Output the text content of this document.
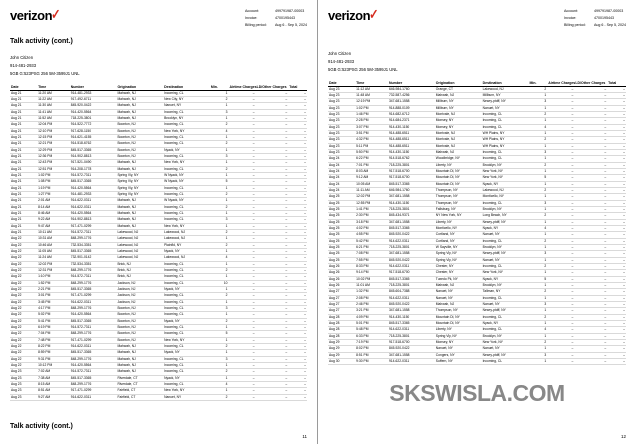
verizon
✓	Account:	499791987-00003
Invoice:	4700195443
Billing period: Aug 6 - Sep 5, 2024
Talk activity (cont.)
John Citizen
914-481-2933
5GB G:523PSG 256 5M-3599J1 UNL
Date	Time	Number	Origination	Destination	Min.	Airtime Charges	LD/Other Charges	Total
Aug 21	11:20 AM	914-481-2933	Mahwah, NJ	Incoming, CL	1	–	–	–
Aug 21	11:22 AM	917-492-6711	Mahwah, NJ	New City, NY	2	–	–	–
Aug 21	11:30 AM	845-920-0422	Mahwah, NJ	Nanuet, NY	1	–	–	–
Aug 21	11:41 AM	914-420-5564	Mahwah, NJ	Incoming, CL	3	–	–	–
Aug 21	11:52 AM	718-225-3801	Mahwah, NJ	Brooklyn, NY	1	–	–	–
Aug 21	12:04 PM	914-522-7772	Boonton, NJ	Incoming, CL	2	–	–	–
Aug 21	12:10 PM	917-628-1150	Boonton, NJ	New York, NY	4	–	–	–
Aug 21	12:15 PM	914-621-4155	Boonton, NJ	Incoming, CL	1	–	–	–
Aug 21	12:21 PM	914-518-6762	Boonton, NJ	Incoming, CL	2	–	–	–
Aug 21	12:29 PM	845-517-3365	Boonton, NJ	Nyack, NY	1	–	–	–
Aug 21	12:36 PM	914-902-8813	Boonton, NJ	Incoming, CL	3	–	–	–
Aug 21	12:43 PM	917-521-0490	Mahwah, NJ	New York, NY	1	–	–	–
Aug 21	12:51 PM	914-208-1778	Mahwah, NJ	Incoming, CL	2	–	–	–
Aug 21	1:02 PM	914-572-7311	Spring Vly, NY	W Nyack, NY	1	–	–	–
Aug 21	1:08 PM	845-517-3365	Spring Vly, NY	W Nyack, NY	5	–	–	–
Aug 21	1:19 PM	914-420-5564	Spring Vly, NY	Incoming, CL	1	–	–	–
Aug 21	1:27 PM	914-481-2933	Spring Vly, NY	Incoming, CL	2	–	–	–
Aug 21	2:01 AM	914-622-0311	Mahwah, NJ	W Nyack, NY	1	–	–	–
Aug 21	8:14 AM	914-622-0311	Mahwah, NJ	Incoming, CL	2	–	–	–
Aug 21	8:46 AM	914-420-5564	Mahwah, NJ	Incoming, CL	1	–	–	–
Aug 21	9:22 AM	914-902-8813	Mahwah, NJ	Incoming, CL	3	–	–	–
Aug 21	9:47 AM	917-471-0299	Mahwah, NJ	New York, NY	1	–	–	–
Aug 21	10:11 AM	914-572-7311	Lakewood, NJ	Lakewood, NJ	2	–	–	–
Aug 22	10:31 AM	848-299-1776	Lakewood, NJ	Lakewood, NJ	1	–	–	–
Aug 22	10:46 AM	732-534-3351	Lakewood, NJ	Plainfld, NY	2	–	–	–
Aug 22	11:05 AM	845-517-3365	Lakewood, NJ	Nyack, NY	1	–	–	–
Aug 22	11:24 AM	732-901-0142	Lakewood, NJ	Lakewood, NJ	4	–	–	–
Aug 22	12:02 PM	732-534-3351	Brick, NJ	Incoming, CL	1	–	–	–
Aug 22	12:31 PM	848-299-1776	Brick, NJ	Incoming, CL	2	–	–	–
Aug 22	1:10 PM	914-572-7311	Brick, NJ	Incoming, CL	1	–	–	–
Aug 22	1:52 PM	848-299-1776	Jackson, NJ	Incoming, CL	10	–	–	–
Aug 22	2:21 PM	845-517-3365	Jackson, NJ	Nyack, NY	1	–	–	–
Aug 22	3:01 PM	917-471-0299	Jackson, NJ	Incoming, CL	2	–	–	–
Aug 22	3:45 PM	914-622-0311	Jackson, NJ	Incoming, CL	1	–	–	–
Aug 22	4:17 PM	848-299-1776	Boonton, NJ	Incoming, CL	3	–	–	–
Aug 22	5:02 PM	914-420-5564	Boonton, NJ	Incoming, CL	1	–	–	–
Aug 22	5:41 PM	845-517-3365	Boonton, NJ	Nyack, NY	2	–	–	–
Aug 22	6:19 PM	914-572-7311	Boonton, NJ	Incoming, CL	1	–	–	–
Aug 22	7:04 PM	848-299-1776	Boonton, NJ	Incoming, CL	5	–	–	–
Aug 22	7:48 PM	917-471-0299	Boonton, NJ	New York, NY	1	–	–	–
Aug 22	8:22 PM	914-622-0311	Mahwah, NJ	Incoming, CL	2	–	–	–
Aug 22	8:59 PM	845-517-3365	Mahwah, NJ	Nyack, NY	1	–	–	–
Aug 22	9:31 PM	848-299-1776	Mahwah, NJ	Incoming, CL	3	–	–	–
Aug 22	10:12 PM	914-420-5564	Mahwah, NJ	Incoming, CL	1	–	–	–
Aug 23	7:02 AM	914-572-7311	Mahwah, NJ	Incoming, CL	2	–	–	–
Aug 23	7:38 AM	845-517-3365	Riverdale, CT	Nyack, NY	1	–	–	–
Aug 23	8:15 AM	848-299-1776	Riverdale, CT	Incoming, CL	4	–	–	–
Aug 23	8:51 AM	917-471-0299	Fairfield, CT	New York, NY	1	–	–	–
Aug 23	9:27 AM	914-622-0311	Fairfield, CT	Nanuet, NY	2	–	–	–
Talk activity (cont.)
11
verizon
✓	Account:	499791987-00003
Invoice:	4700195443
Billing period: Aug 6 - Sep 5, 2024
John Citizen
914-481-2933
5GB G:523PSG 256 5M-3599J1 UNL
Date	Time	Number	Origination	Destination	Min.	Airtime Charges	LD/Other Charges	Total
Aug 23	11:12 AM	646-984-1760	Orange, CT	Lakewood, NJ	2	–	–	–
Aug 23	11:48 AM	732-587-4256	Mahwah, NJ	Millburn, NY	1	–	–	–
Aug 23	12:19 PM	347-681-1558	Millburn, NY	Newry-ptdff, NY	3	–	–	–
Aug 23	1:02 PM	914-888-0109	Millburn, NY	Nanuet, NY	1	–	–	–
Aug 23	1:46 PM	914-682-6712	Montvale, NJ	Incoming, CL	2	–	–	–
Aug 23	2:28 PM	914-684-2371	Monsey, NY	Incoming, CL	1	–	–	–
Aug 23	3:07 PM	914-430-1150	Monsey, NY	Incoming, CL	4	–	–	–
Aug 23	3:51 PM	914-488-6511	Montvale, NJ	WH Plains, NY	1	–	–	–
Aug 23	4:32 PM	914-488-6511	Montvale, NJ	WH Plains, NY	2	–	–	–
Aug 23	5:11 PM	914-488-6511	Montvale, NJ	WH Plains, NY	1	–	–	–
Aug 23	5:50 PM	914-430-1150	Mahwah, NJ	Incoming, CL	3	–	–	–
Aug 24	6:22 PM	914-518-6762	Woodbridge, NY	Incoming, CL	1	–	–	–
Aug 24	7:01 PM	718-225-3801	Liberty, NY	Brooklyn, NY	2	–	–	–
Aug 24	8:03 AM	917-518-6700	Mountain Dl, NY	New York, NY	1	–	–	–
Aug 24	9:12 AM	917-518-6700	Mountain Dl, NY	New York, NY	5	–	–	–
Aug 24	10:05 AM	845-517-3365	Mountain Dl, NY	Nyack, NY	1	–	–	–
Aug 24	11:11 AM	646-984-1760	Thompson, NY	Lakewood, NJ	2	–	–	–
Aug 25	12:02 PM	347-681-1558	Thompson, NY	Monticello, NY	1	–	–	–
Aug 25	12:55 PM	914-430-1150	Thompson, NY	Incoming, CL	3	–	–	–
Aug 25	1:41 PM	718-225-3801	Fallsburg, NY	Brooklyn, NY	1	–	–	–
Aug 25	2:30 PM	845-434-9371	NY New York, NY	Long Beach, NY	2	–	–	–
Aug 25	3:18 PM	347-681-1558	Liberty, NY	Newry-ptdff, NY	1	–	–	–
Aug 25	4:02 PM	845-517-3365	Monticello, NY	Nyack, NY	4	–	–	–
Aug 25	4:55 PM	845-920-0422	Cortland, NY	Nanuet, NY	1	–	–	–
Aug 25	5:42 PM	914-622-0311	Cortland, NY	Incoming, CL	2	–	–	–
Aug 25	6:21 PM	718-225-3801	W Sayville, NY	Brooklyn, NY	1	–	–	–
Aug 25	7:08 PM	347-681-1558	Spring Vly, NY	Newry-ptdff, NY	3	–	–	–
Aug 25	7:55 PM	845-920-0422	Spring Vly, NY	Nanuet, NY	1	–	–	–
Aug 26	8:33 PM	914-622-0311	Chester, NY	Incoming, CL	2	–	–	–
Aug 26	9:14 PM	917-518-6700	Chester, NY	New York, NY	1	–	–	–
Aug 26	10:02 PM	845-517-3365	Tuxedo Pk, NY	Nyack, NY	5	–	–	–
Aug 26	11:01 AM	718-225-3801	Mahwah, NJ	Brooklyn, NY	1	–	–	–
Aug 27	1:32 PM	845-604-7388	Nanuet, NY	Tallman, NY	2	–	–	–
Aug 27	2:08 PM	914-622-0311	Nanuet, NY	Incoming, CL	1	–	–	–
Aug 27	2:46 PM	845-920-0422	Mahwah, NJ	Nanuet, NY	3	–	–	–
Aug 27	3:21 PM	347-681-1558	Thompson, NY	Newry-ptdff, NY	1	–	–	–
Aug 28	4:09 PM	914-430-1150	Mountain Dl, NY	Incoming, CL	2	–	–	–
Aug 28	5:01 PM	845-517-3365	Mountain Dl, NY	Nyack, NY	1	–	–	–
Aug 28	5:48 PM	914-622-0311	Liberty, NY	Incoming, CL	4	–	–	–
Aug 28	6:33 PM	718-225-3801	Spring Vly, NY	Brooklyn, NY	1	–	–	–
Aug 29	7:19 PM	917-518-6700	Monsey, NY	New York, NY	2	–	–	–
Aug 29	8:02 PM	845-920-0422	Nanuet, NY	Nanuet, NY	1	–	–	–
Aug 29	8:51 PM	347-681-1558	Congers, NY	Newry-ptdff, NY	3	–	–	–
Aug 30	9:30 PM	914-622-0311	Suffern, NY	Incoming, CL	1	–	–	–
12
SKSWISLA.COM
